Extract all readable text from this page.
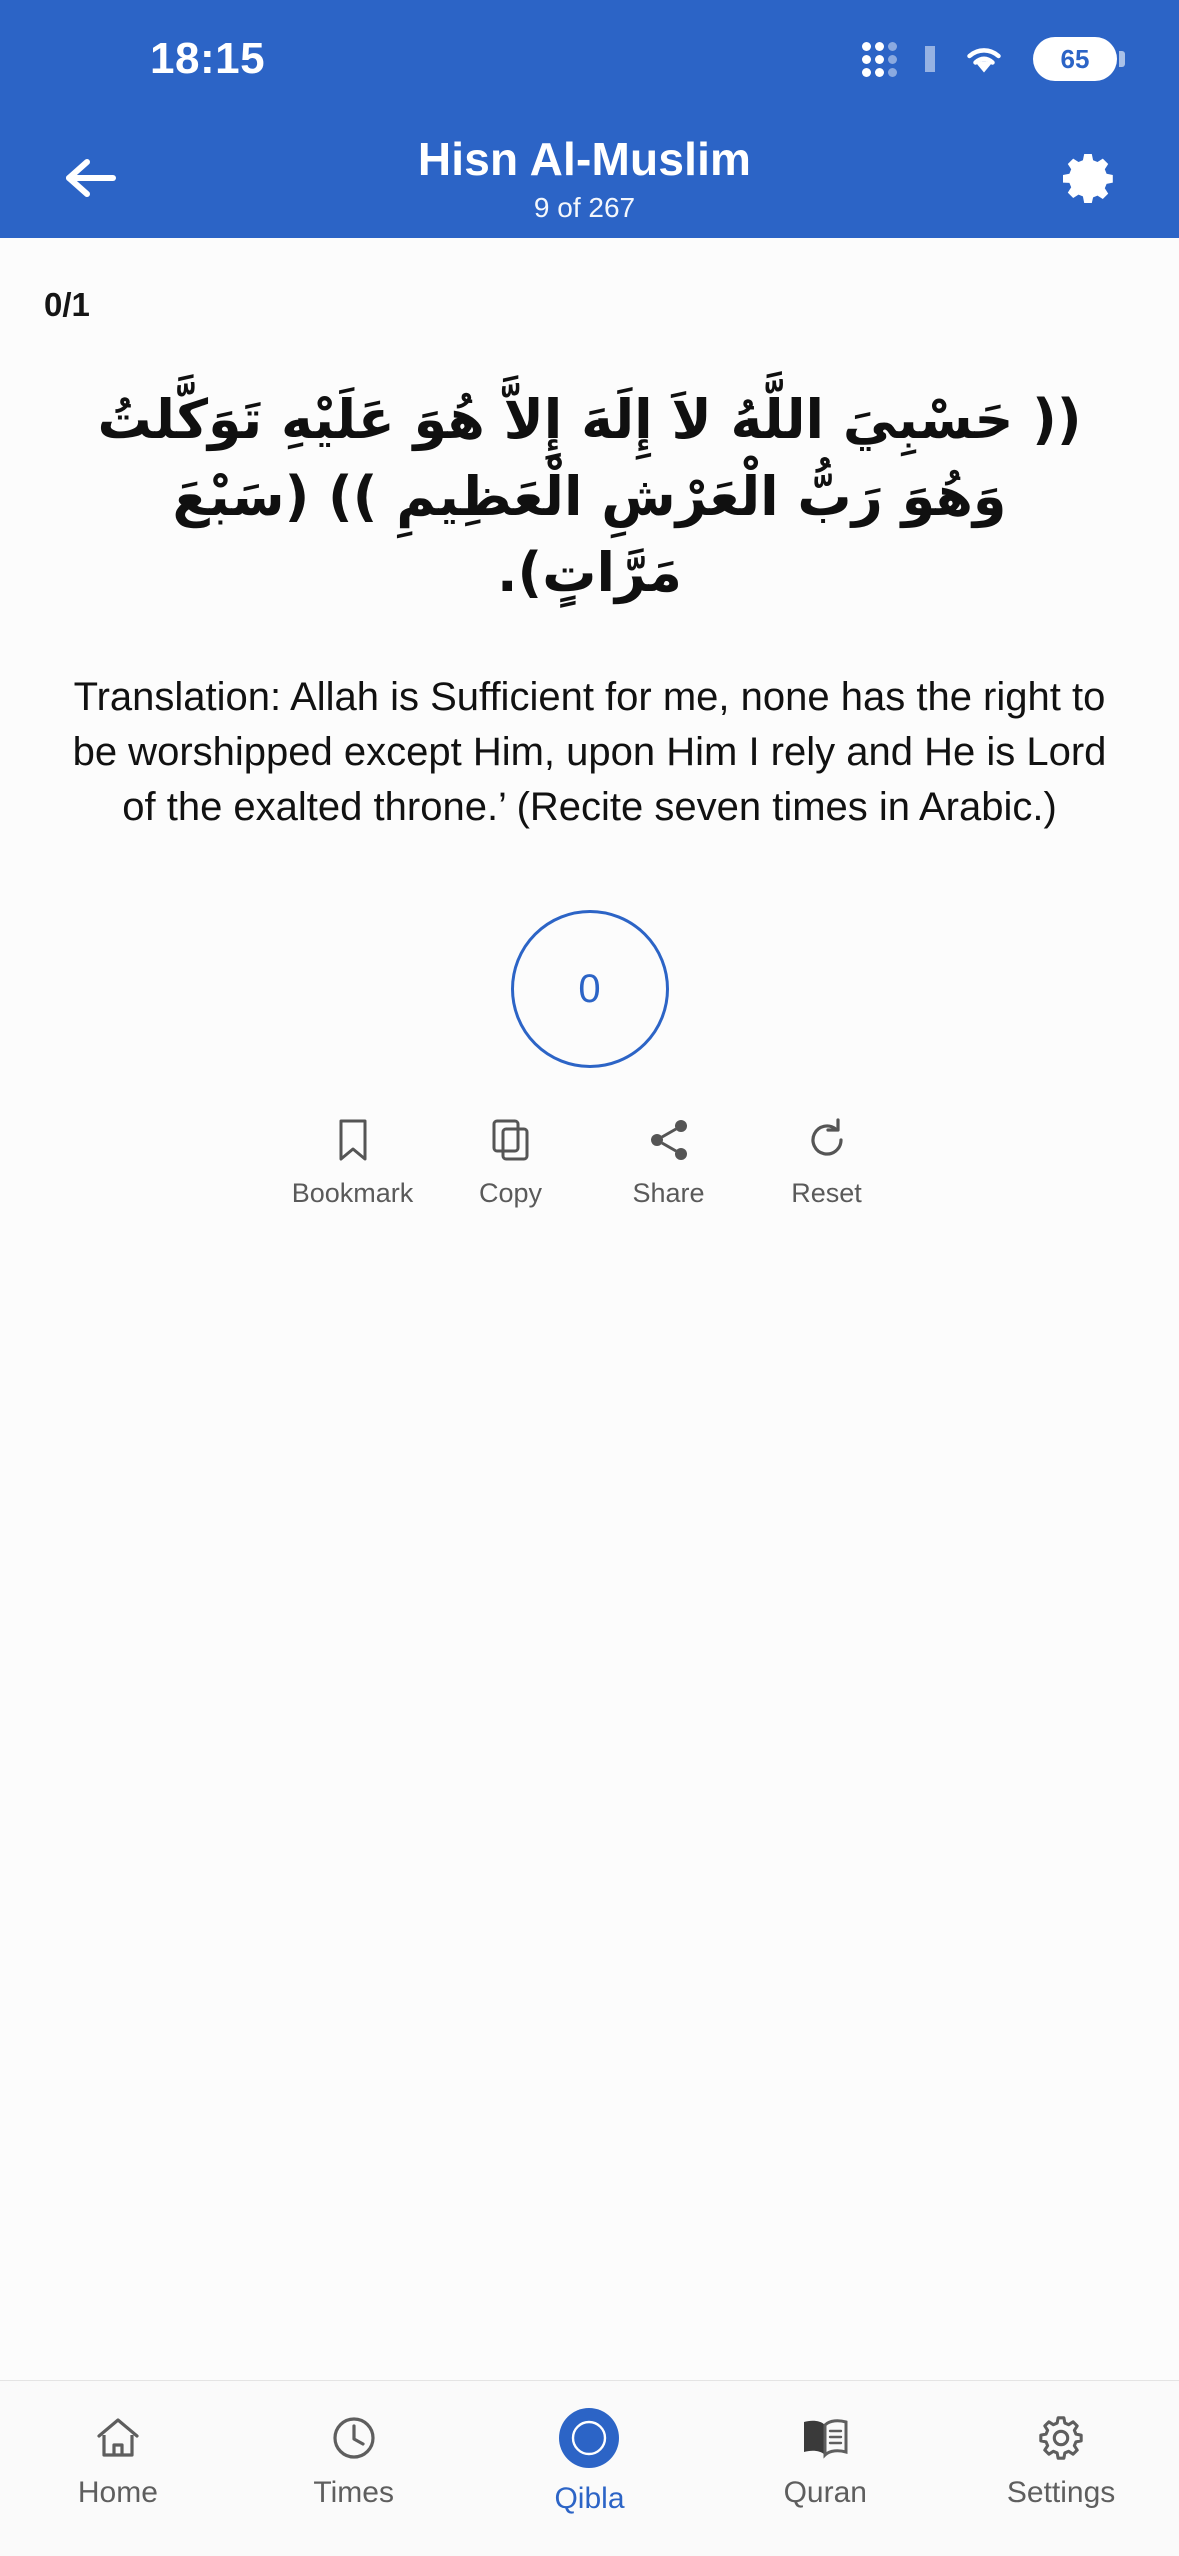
18:15	65
Hisn Al-Muslim
9 of 267
0/1
(( حَسْبِيَ اللَّهُ لاَ إِلَهَ إِلاَّ هُوَ عَلَيْهِ تَوَكَّلتُ وَهُوَ رَبُّ الْعَرْشِ الْعَظِيمِ )) (سَبْعَ مَرَّاتٍ).
Translation: Allah is Sufficient for me, none has the right to be worshipped except Him, upon Him I rely and He is Lord of the exalted throne.’ (Recite seven times in Arabic.)
0
Bookmark Copy	Share	Reset
Home	Times	Qibla	Quran	Settings
